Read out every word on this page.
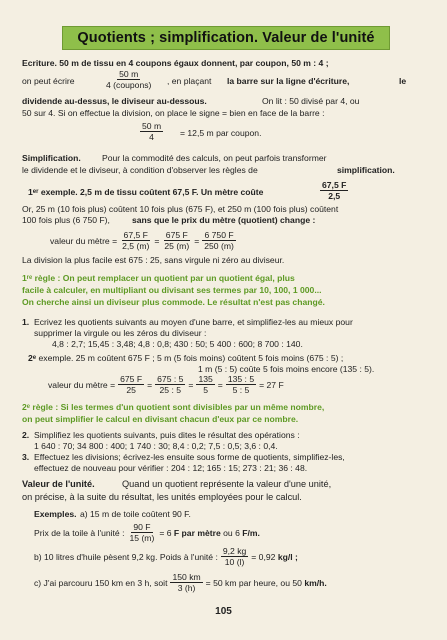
Quotients ; simplification. Valeur de l'unité
Ecriture. 50 m de tissu en 4 coupons égaux donnent, par coupon, 50 m : 4 ;
on peut écrire
50 m
4 (coupons) , en plaçant la barre sur la ligne d'écriture,	le
dividende au-dessus, le diviseur au-dessous.	On lit : 50 divisé par 4, ou
50 sur 4. Si on effectue la division, on place le signe = bien en face de la barre :
$\frac{50 m}{4} = 12,5$ m par coupon.
Simplification. Pour la commodité des calculs, on peut parfois transformer
le dividende et le diviseur, à condition d'observer les règles de	simplification.
1er exemple. 2,5 m de tissu coûtent 67,5 F. Un mètre coûte	$\frac{67,5 F}{2,5}$
Or, 25 m (10 fois plus) coûtent 10 fois plus (675 F), et 250 m (100 fois plus) coûtent
100 fois plus (6 750 F),	sans que le prix du mètre (quotient) change :
valeur du mètre = $\frac{67,5 F}{2,5 (m)} = \frac{675 F}{25 (m)} = \frac{6 750 F}{250 (m)}$
La division la plus facile est 675 : 25, sans virgule ni zéro au diviseur.
1ʳᵉ règle : On peut remplacer un quotient par un quotient égal, plus
facile à calculer, en multipliant ou divisant ses termes par 10, 100, 1 000...
On cherche ainsi un diviseur plus commode. Le résultat n'est pas changé.
1. Ecrivez les quotients suivants au moyen d'une barre, et simplifiez-les au mieux pour
supprimer la virgule ou les zéros du diviseur :
4,8 : 2,7; 15,45 : 3,48; 4,8 : 0,8; 430 : 50; 5 400 : 600; 8 700 : 140.
2e exemple. 25 m coûtent 675 F ; 5 m (5 fois moins) coûtent 5 fois moins (675 : 5) ;
1 m (5 : 5) coûte 5 fois moins encore (135 : 5).
valeur du mètre = $\frac{675 F}{25} = \frac{675 : 5}{25 : 5} = \frac{135}{5} = \frac{135 : 5}{5 : 5} = 27$ F
2ᵉ règle : Si les termes d'un quotient sont divisibles par un même nombre,
on peut simplifier le calcul en divisant chacun d'eux par ce nombre.
2. Simplifiez les quotients suivants, puis dites le résultat des opérations :
1 640 : 70; 34 800 : 400; 1 740 : 30; 8,4 : 0,2; 7,5 : 0,5; 3,6 : 0,4.
3. Effectuez les divisions; écrivez-les ensuite sous forme de quotients, simplifiez-les,
effectuez de nouveau pour vérifier : 204 : 12; 165 : 15; 273 : 21; 36 : 48.
Valeur de l'unité.	Quand un quotient représente la valeur d'une unité,
on précise, à la suite du résultat, les unités employées pour le calcul.
Exemples. a) 15 m de toile coûtent 90 F.
Prix de la toile à l'unité : $\frac{90 F}{15 (m)} = 6$
F par mètre
ou 6
F/m.
b) 10 litres d'huile pèsent 9,2 kg. Poids à l'unité : $\frac{9,2 kg}{10 (l)} = 0,92$
kg/l ;
c) J'ai parcouru 150 km en 3 h, soit $\frac{150 km}{3 (h)} = 50$ km par heure, ou 50
km/h.
105
